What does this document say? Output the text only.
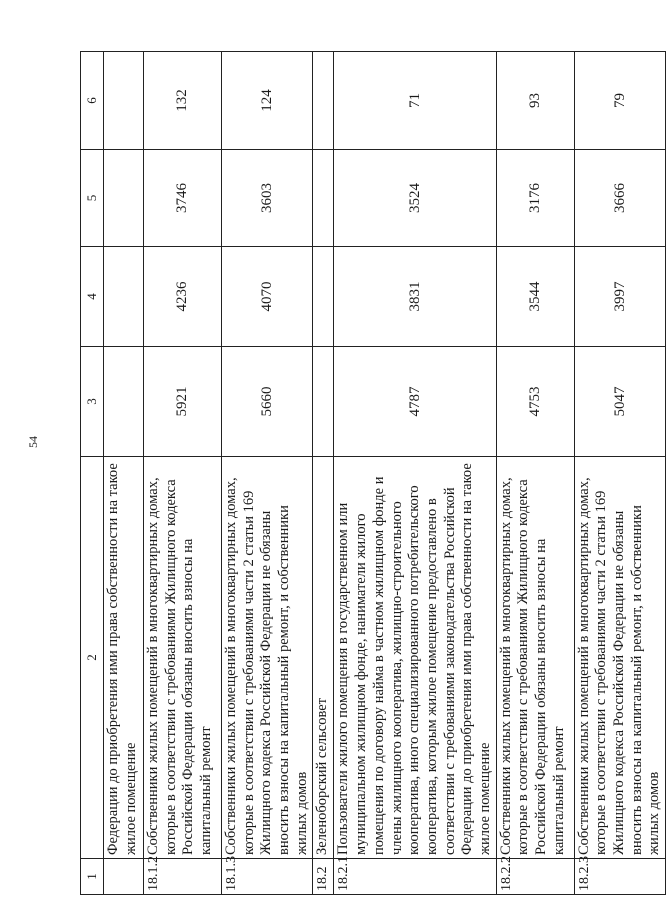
54
1	2	3	4	5	6
	Федерации до приобретения ими права собственности на такое жилое помещение				
18.1.2	Собственники жилых помещений в многоквартирных домах, которые в соответствии с требованиями Жилищного кодекса Российской Федерации обязаны вносить взносы на капитальный ремонт	5921	4236	3746	132
18.1.3	Собственники жилых помещений в многоквартирных домах, которые в соответствии с требованиями части 2 статьи 169 Жилищного кодекса Российской Федерации не обязаны вносить взносы на капитальный ремонт, и собственники жилых домов	5660	4070	3603	124
18.2	Зеленоборский сельсовет				
18.2.1	Пользователи жилого помещения в государственном или муниципальном жилищном фонде, наниматели жилого помещения по договору найма в частном жилищном фонде и члены жилищного кооператива, жилищно-строительного кооператива, иного специализированного потребительского кооператива, которым жилое помещение предоставлено в соответствии с требованиями законодательства Российской Федерации до приобретения ими права собственности на такое жилое помещение	4787	3831	3524	71
18.2.2	Собственники жилых помещений в многоквартирных домах, которые в соответствии с требованиями Жилищного кодекса Российской Федерации обязаны вносить взносы на капитальный ремонт	4753	3544	3176	93
18.2.3	Собственники жилых помещений в многоквартирных домах, которые в соответствии с требованиями части 2 статьи 169 Жилищного кодекса Российской Федерации не обязаны вносить взносы на капитальный ремонт, и собственники жилых домов	5047	3997	3666	79
